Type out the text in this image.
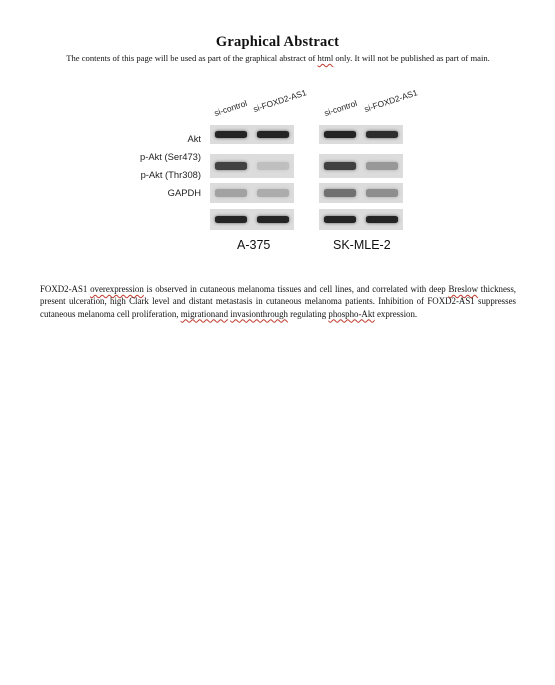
Graphical Abstract
The contents of this page will be used as part of the graphical abstract of html only. It will not be published as part of main.
si-control si-FOXD2-AS1 si-control si-FOXD2-AS1
Akt
p-Akt (Ser473)
p-Akt (Thr308)
GAPDH
A-375	SK-MLE-2
FOXD2-AS1 overexpression is observed in cutaneous melanoma tissues and cell lines, and correlated with deep Breslow thickness, present ulceration, high Clark level and distant metastasis in cutaneous melanoma patients. Inhibition of FOXD2-AS1 suppresses cutaneous melanoma cell proliferation, migrationand invasionthrough regulating phospho-Akt expression.
